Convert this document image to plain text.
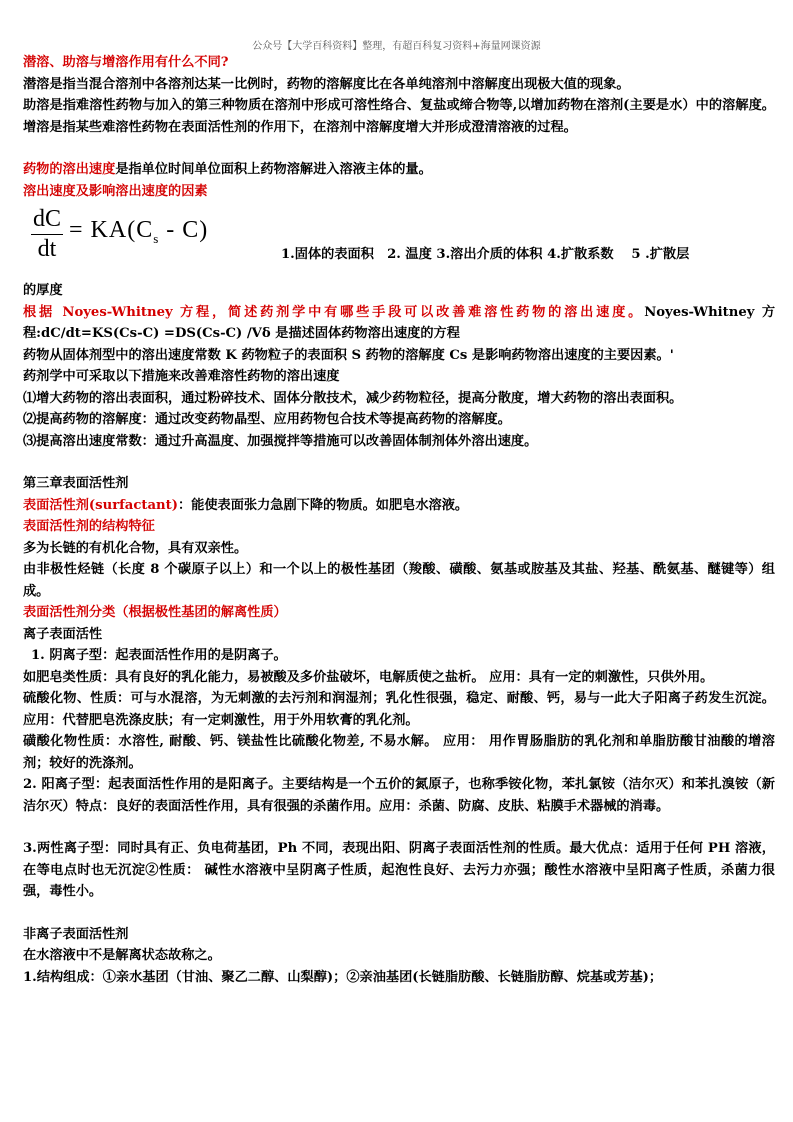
公众号【大学百科资料】整理，有超百科复习资料+海量网课资源

潜溶、助溶与增溶作用有什么不同?

潜溶是指当混合溶剂中各溶剂达某一比例时，药物的溶解度比在各单纯溶剂中溶解度出现极大值的现象。

助溶是指难溶性药物与加入的第三种物质在溶剂中形成可溶性络合、复盐或缔合物等,以增加药物在溶剂(主要是水）中的溶解度。增溶是指某些难溶性药物在表面活性剂的作用下，在溶剂中溶解度增大并形成澄清溶液的过程。

药物的溶出速度是指单位时间单位面积上药物溶解进入溶液主体的量。

溶出速度及影响溶出速度的因素

$\frac{dC}{dt} = KA(C_s - C)$
1.固体的表面积　2. 温度 3.溶出介质的体积 4.扩散系数　 5 .扩散层

的厚度

根据 Noyes-Whitney 方程，简述药剂学中有哪些手段可以改善难溶性药物的溶出速度。Noyes-Whitney 方程:dC/dt=KS(Cs-C) =DS(Cs-C) /Vδ 是描述固体药物溶出速度的方程

药物从固体剂型中的溶出速度常数 K 药物粒子的表面积 S 药物的溶解度 Cs 是影响药物溶出速度的主要因素。'

药剂学中可采取以下措施来改善难溶性药物的溶出速度

⑴增大药物的溶出表面积，通过粉碎技术、固体分散技术，减少药物粒径，提高分散度，增大药物的溶出表面积。

⑵提高药物的溶解度：通过改变药物晶型、应用药物包合技术等提高药物的溶解度。

⑶提高溶出速度常数：通过升高温度、加强搅拌等措施可以改善固体制剂体外溶出速度。

第三章表面活性剂

表面活性剂(surfactant)：能使表面张力急剧下降的物质。如肥皂水溶液。

表面活性剂的结构特征

多为长链的有机化合物，具有双亲性。

由非极性烃链（长度 8 个碳原子以上）和一个以上的极性基团（羧酸、磺酸、氨基或胺基及其盐、羟基、酰氨基、醚键等）组成。

表面活性剂分类（根据极性基团的解离性质）

离子表面活性

1. 阴离子型：起表面活性作用的是阴离子。

如肥皂类性质：具有良好的乳化能力，易被酸及多价盐破坏，电解质使之盐析。 应用：具有一定的刺激性，只供外用。

硫酸化物、性质：可与水混溶，为无刺激的去污剂和润湿剂；乳化性很强，稳定、耐酸、钙，易与一此大子阳离子药发生沉淀。 应用：代替肥皂洗涤皮肤；有一定刺激性，用于外用软膏的乳化剂。

磺酸化物性质：水溶性, 耐酸、钙、镁盐性比硫酸化物差, 不易水解。 应用： 用作胃肠脂肪的乳化剂和单脂肪酸甘油酸的增溶剂；较好的洗涤剂。

2. 阳离子型：起表面活性作用的是阳离子。主要结构是一个五价的氮原子，也称季铵化物，苯扎氯铵（洁尔灭）和苯扎溴铵（新洁尔灭）特点：良好的表面活性作用，具有很强的杀菌作用。应用：杀菌、防腐、皮肤、粘膜手术器械的消毒。

3.两性离子型：同时具有正、负电荷基团，Ph 不同，表现出阳、阴离子表面活性剂的性质。最大优点：适用于任何 PH 溶液，在等电点时也无沉淀②性质： 碱性水溶液中呈阴离子性质，起泡性良好、去污力亦强；酸性水溶液中呈阳离子性质，杀菌力很强，毒性小。

非离子表面活性剂

在水溶液中不是解离状态故称之。

1.结构组成：①亲水基团（甘油、聚乙二醇、山梨醇)；②亲油基团(长链脂肪酸、长链脂肪醇、烷基或芳基)；
